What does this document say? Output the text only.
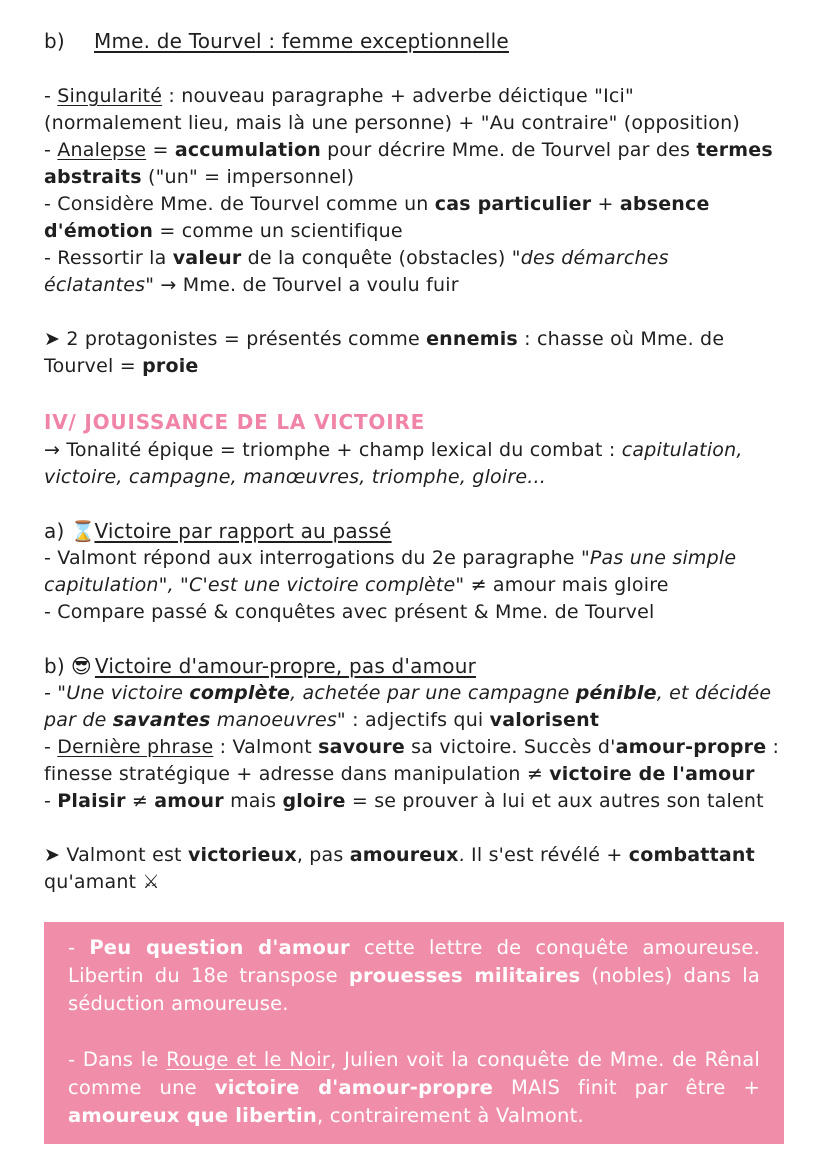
b)	Mme. de Tourvel : femme exceptionnelle
- Singularité : nouveau paragraphe + adverbe déictique "Ici"
(normalement lieu, mais là une personne) + "Au contraire" (opposition)
- Analepse = accumulation pour décrire Mme. de Tourvel par des termes
abstraits ("un" = impersonnel)
- Considère Mme. de Tourvel comme un cas particulier + absence
d'émotion = comme un scientifique
- Ressortir la valeur de la conquête (obstacles) "des démarches
éclatantes" → Mme. de Tourvel a voulu fuir
➤ 2 protagonistes = présentés comme ennemis : chasse où Mme. de
Tourvel = proie
IV/ JOUISSANCE DE LA VICTOIRE
→ Tonalité épique = triomphe + champ lexical du combat : capitulation,
victoire, campagne, manœuvres, triomphe, gloire...
a) ⌛
Victoire par rapport au passé
- Valmont répond aux interrogations du 2e paragraphe "Pas une simple
capitulation", "C'est une victoire complète" ≠ amour mais gloire
- Compare passé & conquêtes avec présent & Mme. de Tourvel
b) 😎 Victoire d'amour-propre, pas d'amour
- "Une victoire complète, achetée par une campagne pénible, et décidée
par de savantes manoeuvres" : adjectifs qui valorisent
- Dernière phrase : Valmont savoure sa victoire. Succès d'amour-propre :
finesse stratégique + adresse dans manipulation ≠ victoire de l'amour
- Plaisir ≠ amour mais gloire = se prouver à lui et aux autres son talent
➤ Valmont est victorieux, pas amoureux. Il s'est révélé + combattant
qu'amant ⚔

- Peu question d'amour cette lettre de conquête amoureuse. Libertin du 18e transpose prouesses militaires (nobles) dans la séduction amoureuse.

- Dans le Rouge et le Noir, Julien voit la conquête de Mme. de Rênal comme une victoire d'amour-propre MAIS finit par être + amoureux que libertin, contrairement à Valmont.
